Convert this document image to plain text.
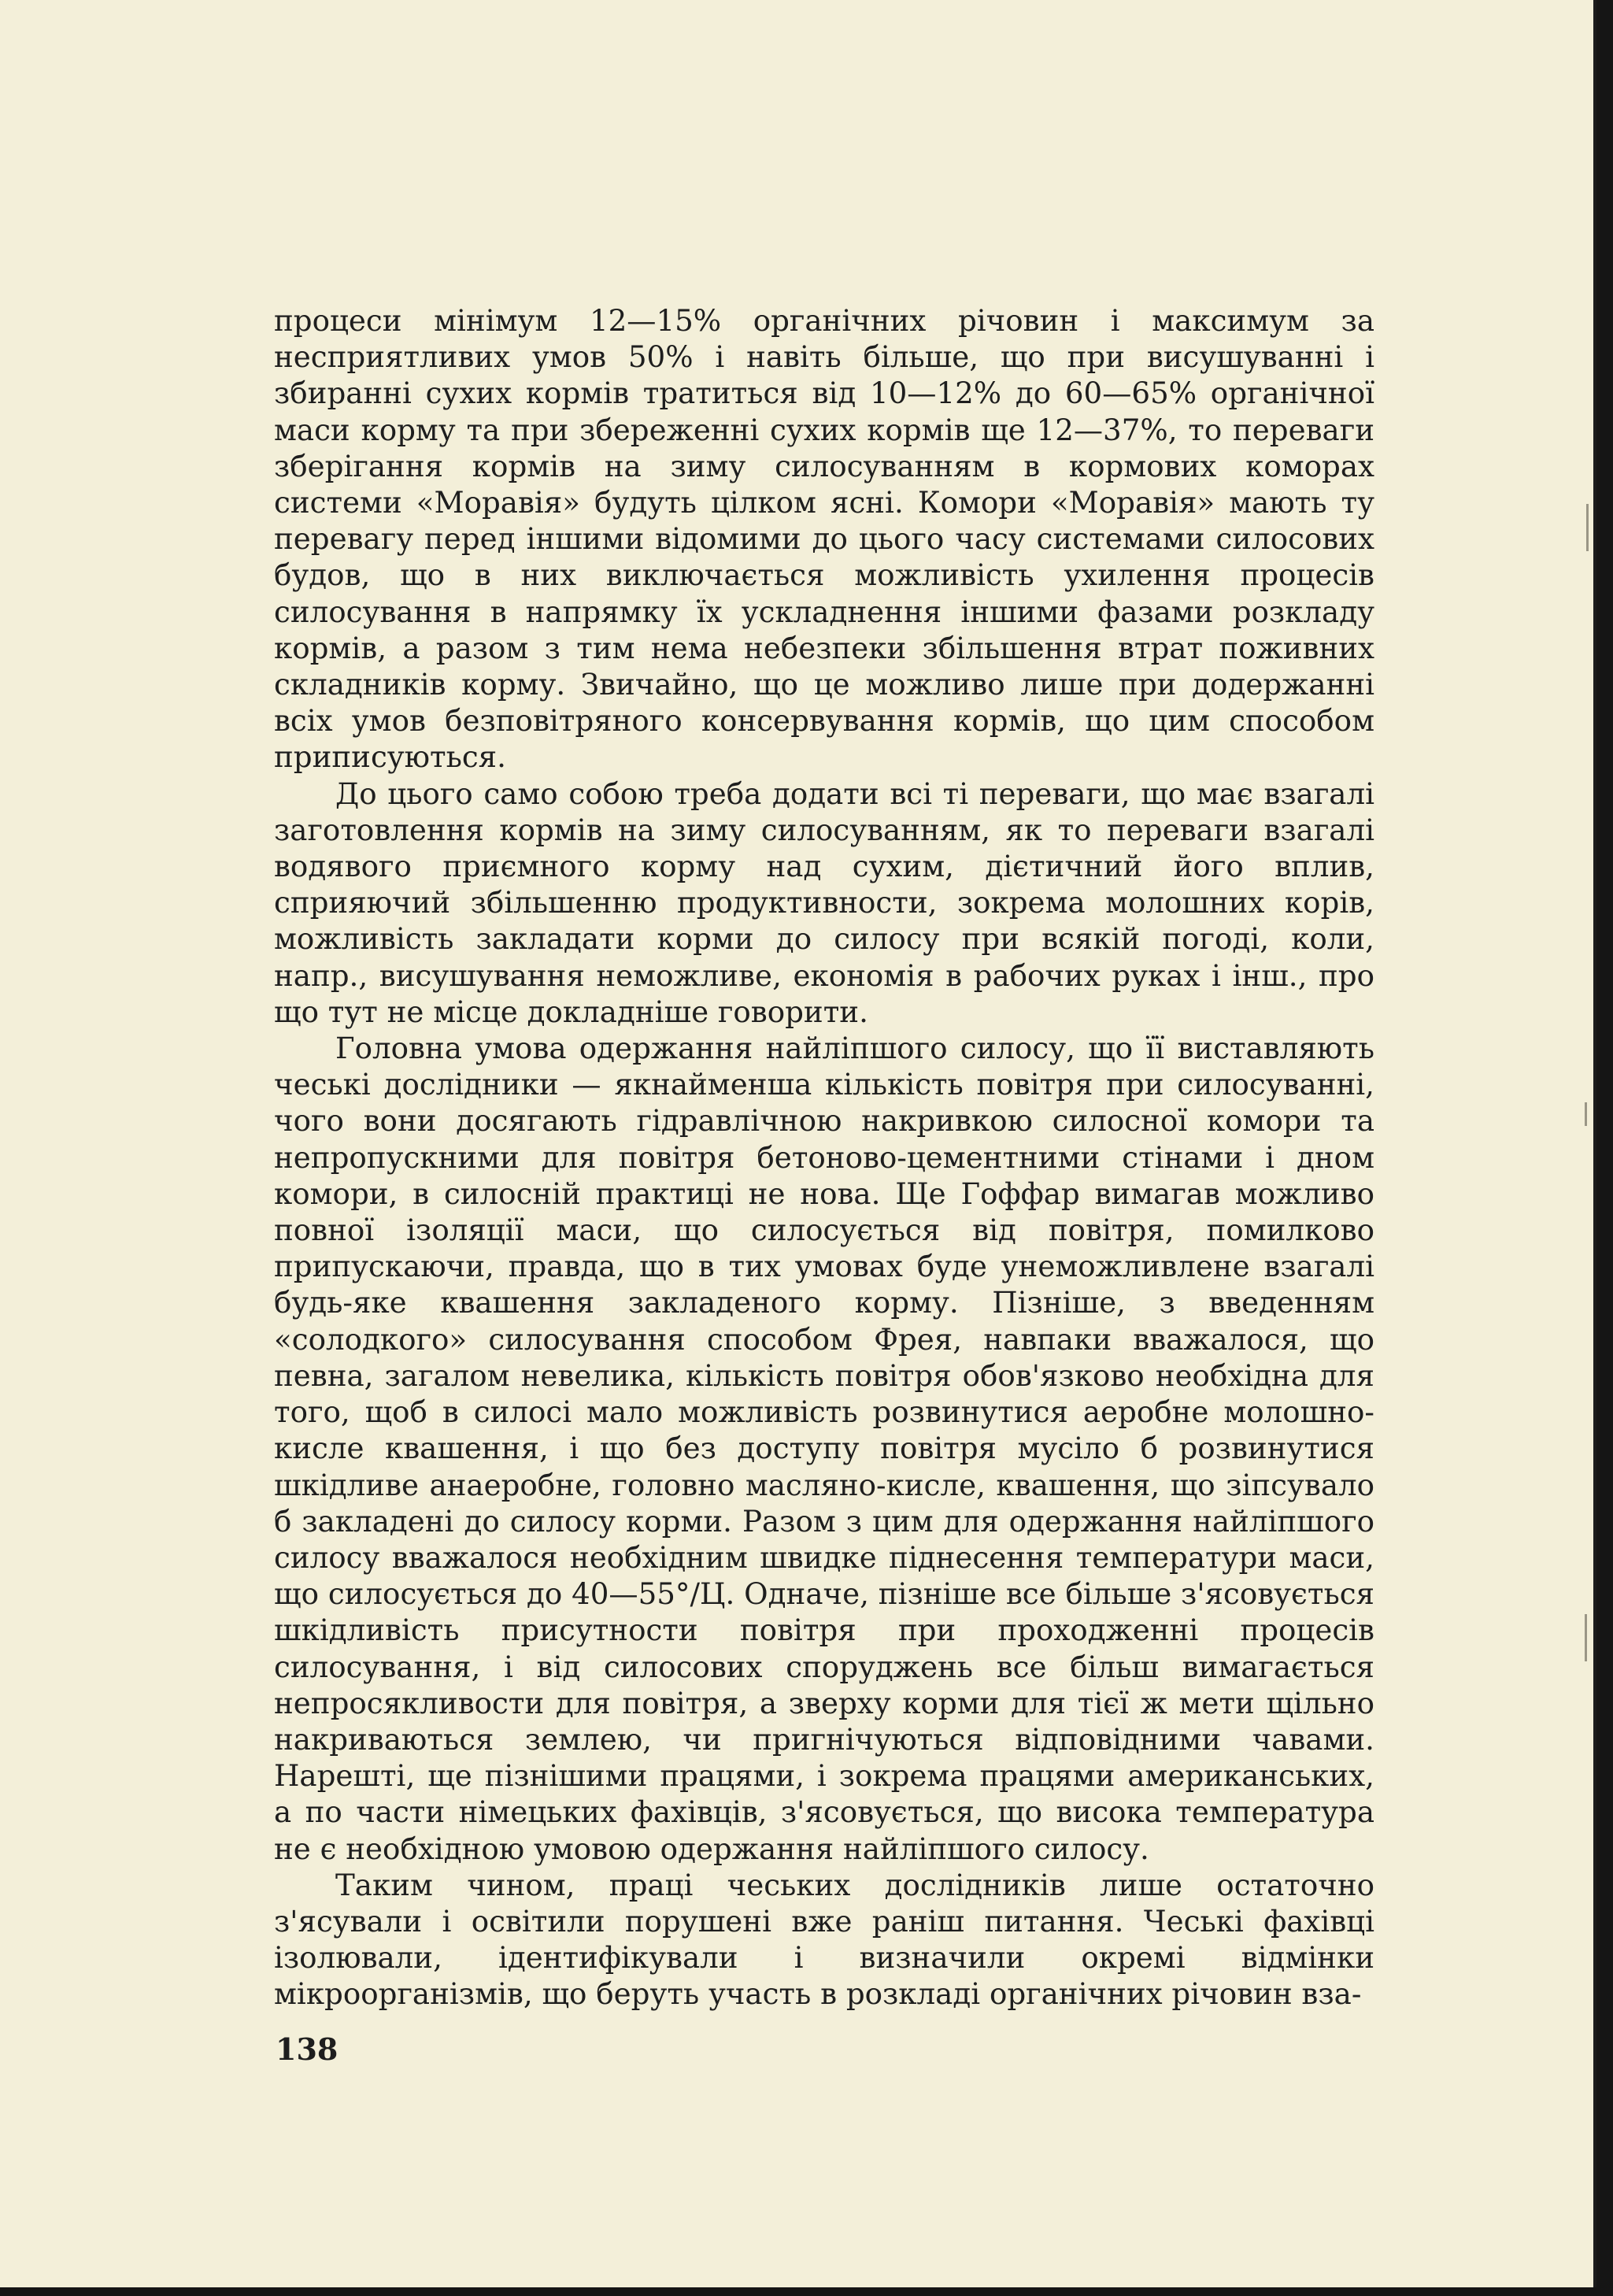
процеси мінімум 12—15% органічних річовин і максимум за несприятливих умов 50% і навіть більше, що при висушуванні і збиранні сухих кормів тратиться від 10—12% до 60—65% органічної маси корму та при збереженні сухих кормів ще 12—37%, то переваги зберігання кормів на зиму силосуванням в кормових коморах системи «Моравія» будуть цілком ясні. Комори «Моравія» мають ту перевагу перед іншими відомими до цього часу системами силосових будов, що в них виключається можливість ухилення процесів силосування в напрямку їх ускладнення іншими фазами розкладу кормів, а разом з тим нема небезпеки збільшення втрат поживних складників корму. Звичайно, що це можливо лише при додержанні всіх умов безповітряного консервування кормів, що цим способом приписуються.

До цього само собою треба додати всі ті переваги, що має взагалі заготовлення кормів на зиму силосуванням, як то переваги взагалі водявого приємного корму над сухим, дієтичний його вплив, сприяючий збільшенню продуктивности, зокрема молошних корів, можливість закладати корми до силосу при всякій погоді, коли, напр., висушування неможливе, економія в рабочих руках і інш., про що тут не місце докладніше говорити.

Головна умова одержання найліпшого силосу, що її виставляють чеські дослідники — якнайменша кількість повітря при силосуванні, чого вони досягають гідравлічною накривкою силосної комори та непропускними для повітря бетоново-цементними стінами і дном комори, в силосній практиці не нова. Ще Гоффар вимагав можливо повної ізоляції маси, що силосується від повітря, помилково припускаючи, правда, що в тих умовах буде унеможливлене взагалі будь-яке квашення закладеного корму. Пізніше, з введенням «солодкого» силосування способом Фрея, навпаки вважалося, що певна, загалом невелика, кількість повітря обов'язково необхідна для того, щоб в силосі мало можливість розвинутися аеробне молошно-кисле квашення, і що без доступу повітря мусіло б розвинутися шкідливе анаеробне, головно масляно-кисле, квашення, що зіпсувало б закладені до силосу корми. Разом з цим для одержання найліпшого силосу вважалося необхідним швидке піднесення температури маси, що силосується до 40—55°/Ц. Одначе, пізніше все більше з'ясовується шкідливість присутности повітря при проходженні процесів силосування, і від силосових споруджень все більш вимагається непросякливости для повітря, а зверху корми для тієї ж мети щільно накриваються землею, чи пригнічуються відповідними чавами. Нарешті, ще пізнішими працями, і зокрема працями американських, а по части німецьких фахівців, з'ясовується, що висока температура не є необхідною умовою одержання найліпшого силосу.

Таким чином, праці чеських дослідників лише остаточно з'ясували і освітили порушені вже раніш питання. Чеські фахівці ізолювали, ідентифікували і визначили окремі відмінки мікроорганізмів, що беруть участь в розкладі органічних річовин вза-

138
